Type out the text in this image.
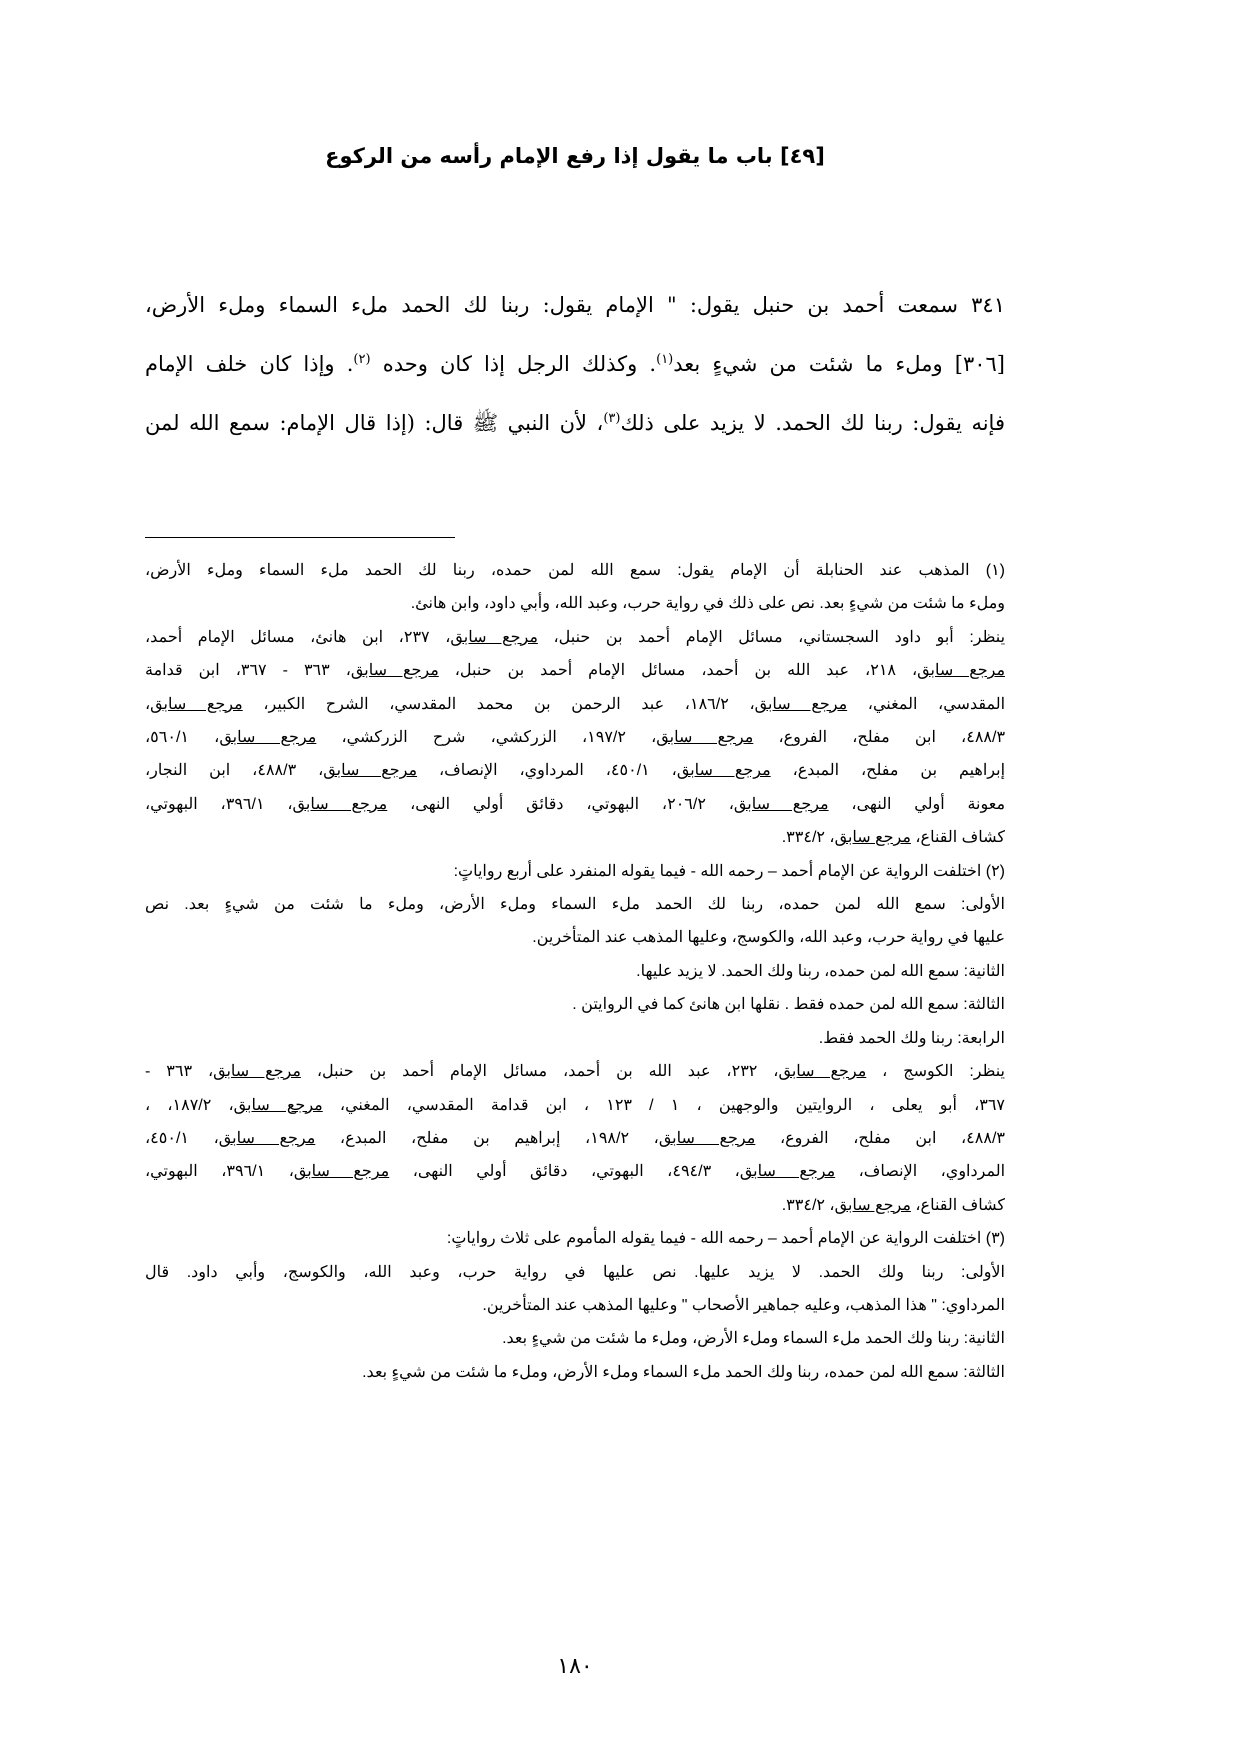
[٤٩] باب ما يقول إذا رفع الإمام رأسه من الركوع

٣٤١ سمعت أحمد بن حنبل يقول: " الإمام يقول: ربنا لك الحمد ملء السماء وملء الأرض،

[٣٠٦] وملء ما شئت من شيءٍ بعد$^{(١)}$. وكذلك الرجل إذا كان وحده $^{(٢)}$. وإذا كان خلف الإمام

فإنه يقول: ربنا لك الحمد. لا يزيد على ذلك$^{(٣)}$، لأن النبي ﷺ قال: (إذا قال الإمام: سمع الله لمن

(١) المذهب عند الحنابلة أن الإمام يقول: سمع الله لمن حمده، ربنا لك الحمد ملء السماء وملء الأرض،

وملء ما شئت من شيءٍ بعد. نص على ذلك في رواية حرب، وعبد الله، وأبي داود، وابن هانئ.

ينظر: أبو داود السجستاني، مسائل الإمام أحمد بن حنبل، مرجع سابق، ٢٣٧، ابن هانئ، مسائل الإمام أحمد،

مرجع سابق، ٢١٨، عبد الله بن أحمد، مسائل الإمام أحمد بن حنبل، مرجع سابق، ٣٦٣ - ٣٦٧، ابن قدامة

المقدسي، المغني، مرجع سابق، ١٨٦/٢، عبد الرحمن بن محمد المقدسي، الشرح الكبير، مرجع سابق،

٤٨٨/٣، ابن مفلح، الفروع، مرجع سابق، ١٩٧/٢، الزركشي، شرح الزركشي، مرجع سابق، ٥٦٠/١،

إبراهيم بن مفلح، المبدع، مرجع سابق، ٤٥٠/١، المرداوي، الإنصاف، مرجع سابق، ٤٨٨/٣، ابن النجار،

معونة أولي النهى، مرجع سابق، ٢٠٦/٢، البهوتي، دقائق أولي النهى، مرجع سابق، ٣٩٦/١، البهوتي،

كشاف القناع، مرجع سابق، ٣٣٤/٢.

(٢) اختلفت الرواية عن الإمام أحمد – رحمه الله - فيما يقوله المنفرد على أربع رواياتٍ:

الأولى: سمع الله لمن حمده، ربنا لك الحمد ملء السماء وملء الأرض، وملء ما شئت من شيءٍ بعد. نص

عليها في رواية حرب، وعبد الله، والكوسج، وعليها المذهب عند المتأخرين.

الثانية: سمع الله لمن حمده، ربنا ولك الحمد. لا يزيد عليها.

الثالثة: سمع الله لمن حمده فقط . نقلها ابن هانئ كما في الروايتن .

الرابعة: ربنا ولك الحمد فقط.

ينظر: الكوسج ، مرجع سابق، ٢٣٢، عبد الله بن أحمد، مسائل الإمام أحمد بن حنبل، مرجع سابق، ٣٦٣ -

٣٦٧، أبو يعلى ، الروايتين والوجهين ، ١ / ١٢٣ ، ابن قدامة المقدسي، المغني، مرجع سابق، ١٨٧/٢، ،

٤٨٨/٣، ابن مفلح، الفروع، مرجع سابق، ١٩٨/٢، إبراهيم بن مفلح، المبدع، مرجع سابق، ٤٥٠/١،

المرداوي، الإنصاف، مرجع سابق، ٤٩٤/٣، البهوتي، دقائق أولي النهى، مرجع سابق، ٣٩٦/١، البهوتي،

كشاف القناع، مرجع سابق، ٣٣٤/٢.

(٣) اختلفت الرواية عن الإمام أحمد – رحمه الله - فيما يقوله المأموم على ثلاث رواياتٍ:

الأولى: ربنا ولك الحمد. لا يزيد عليها. نص عليها في رواية حرب، وعبد الله، والكوسج، وأبي داود. قال

المرداوي: " هذا المذهب، وعليه جماهير الأصحاب " وعليها المذهب عند المتأخرين.

الثانية: ربنا ولك الحمد ملء السماء وملء الأرض، وملء ما شئت من شيءٍ بعد.

الثالثة: سمع الله لمن حمده، ربنا ولك الحمد ملء السماء وملء الأرض، وملء ما شئت من شيءٍ بعد.

١٨٠
